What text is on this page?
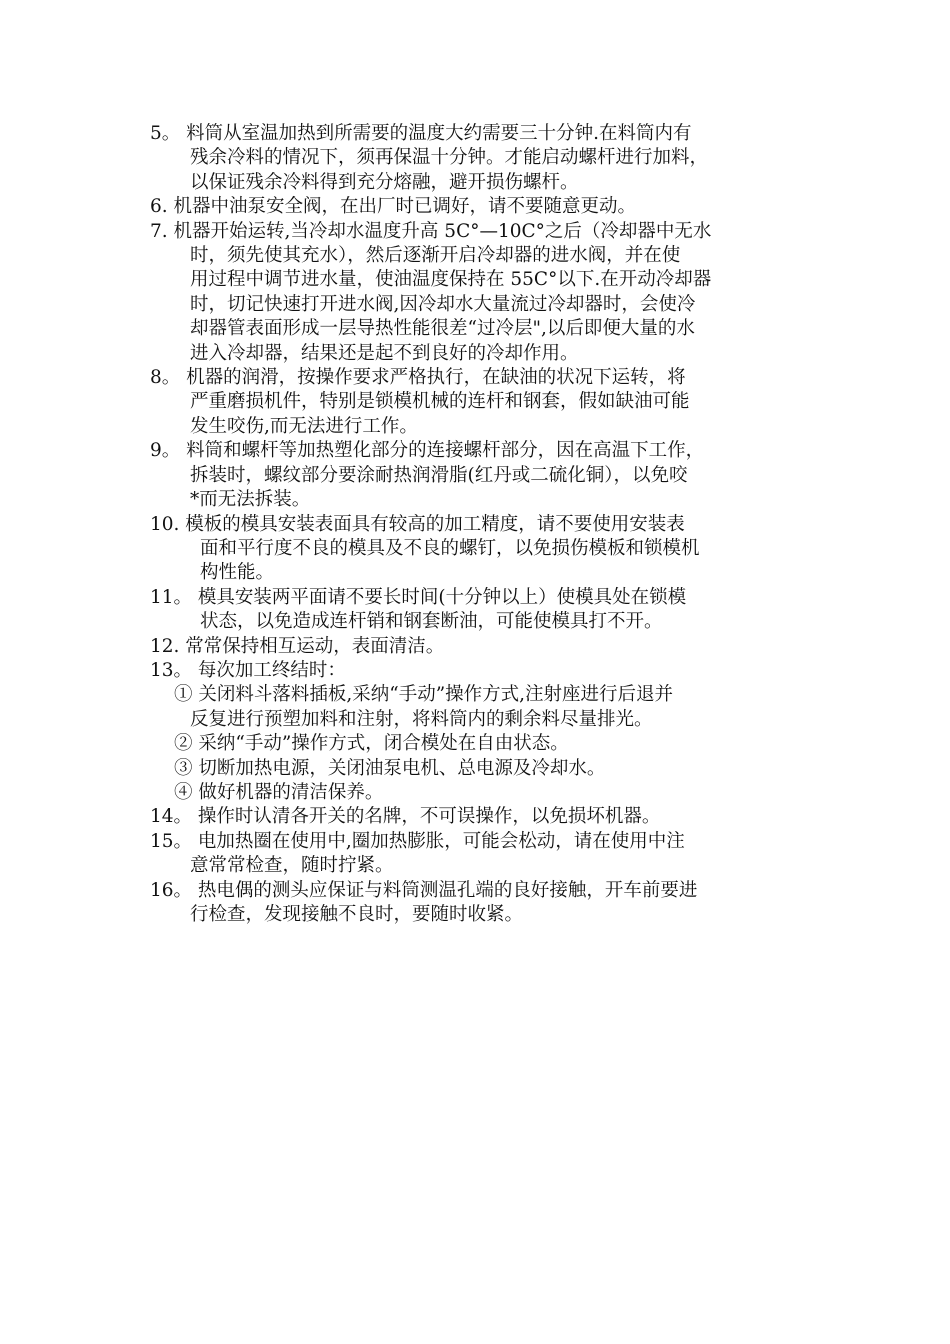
5。 料筒从室温加热到所需要的温度大约需要三十分钟.在料筒内有
残余冷料的情况下，须再保温十分钟。才能启动螺杆进行加料，
以保证残余冷料得到充分熔融，避开损伤螺杆。

6. 机器中油泵安全阀，在出厂时已调好，请不要随意更动。

7. 机器开始运转,当冷却水温度升高 5C°—10C°之后（冷却器中无水
时，须先使其充水），然后逐渐开启冷却器的进水阀，并在使
用过程中调节进水量，使油温度保持在 55C°以下.在开动冷却器
时，切记快速打开进水阀,因冷却水大量流过冷却器时，会使冷
却器管表面形成一层导热性能很差“过冷层",以后即便大量的水
进入冷却器，结果还是起不到良好的冷却作用。

8。 机器的润滑，按操作要求严格执行，在缺油的状况下运转，将
严重磨损机件，特别是锁模机械的连杆和钢套，假如缺油可能
发生咬伤,而无法进行工作。

9。 料筒和螺杆等加热塑化部分的连接螺杆部分，因在高温下工作，
拆装时，螺纹部分要涂耐热润滑脂(红丹或二硫化铜），以免咬
*而无法拆装。

10. 模板的模具安装表面具有较高的加工精度，请不要使用安装表
面和平行度不良的模具及不良的螺钉，以免损伤模板和锁模机
构性能。

11。 模具安装两平面请不要长时间(十分钟以上）使模具处在锁模
状态，以免造成连杆销和钢套断油，可能使模具打不开。

12. 常常保持相互运动，表面清洁。

13。 每次加工终结时：

① 关闭料斗落料插板,采纳“手动”操作方式,注射座进行后退并
反复进行预塑加料和注射，将料筒内的剩余料尽量排光。

② 采纳“手动”操作方式，闭合模处在自由状态。

③ 切断加热电源，关闭油泵电机、总电源及冷却水。

④ 做好机器的清洁保养。

14。 操作时认清各开关的名牌，不可误操作，以免损坏机器。

15。 电加热圈在使用中,圈加热膨胀，可能会松动，请在使用中注
意常常检查，随时拧紧。

16。 热电偶的测头应保证与料筒测温孔端的良好接触，开车前要进
行检查，发现接触不良时，要随时收紧。
